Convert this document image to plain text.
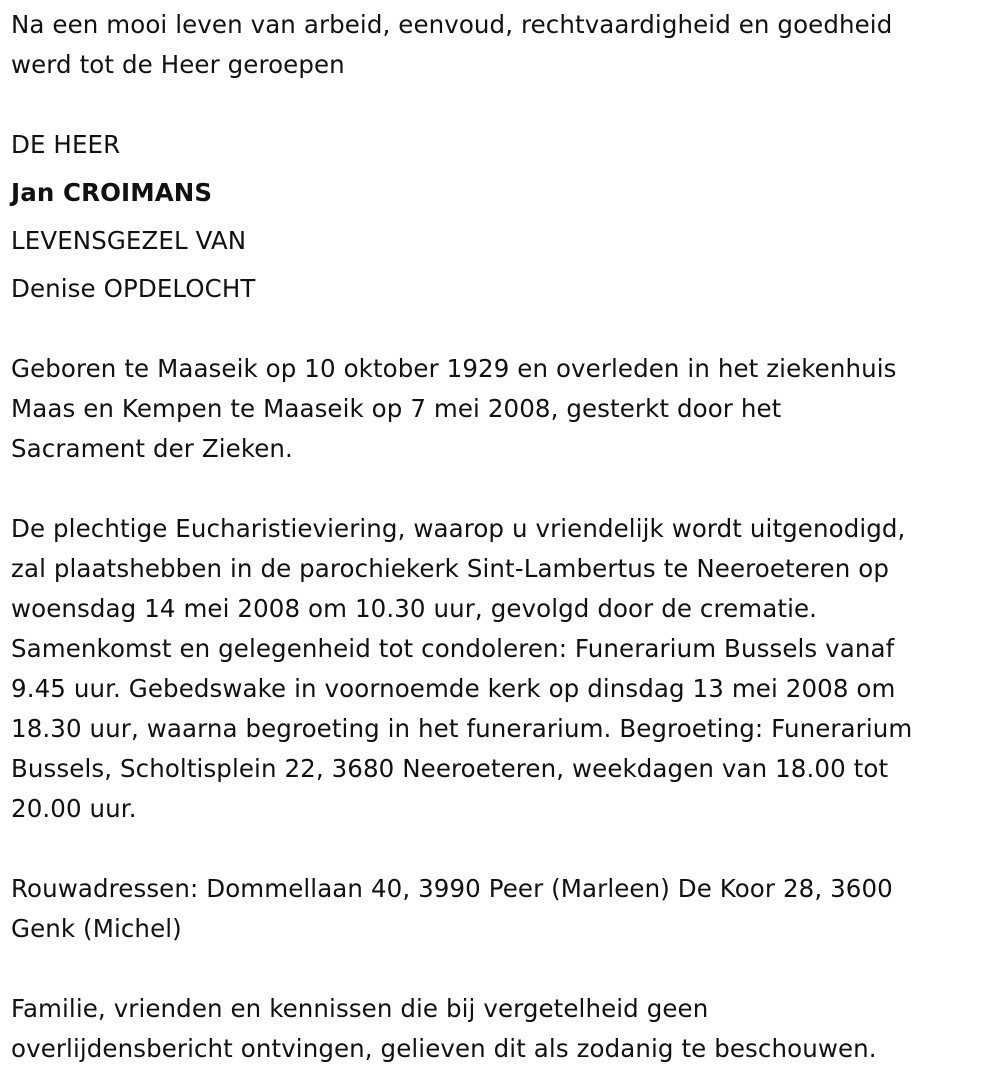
Na een mooi leven van arbeid, eenvoud, rechtvaardigheid en goedheid

werd tot de Heer geroepen

DE HEER

Jan CROIMANS

LEVENSGEZEL VAN

Denise OPDELOCHT

Geboren te Maaseik op 10 oktober 1929 en overleden in het ziekenhuis

Maas en Kempen te Maaseik op 7 mei 2008, gesterkt door het

Sacrament der Zieken.

De plechtige Eucharistieviering, waarop u vriendelijk wordt uitgenodigd,

zal plaatshebben in de parochiekerk Sint-Lambertus te Neeroeteren op

woensdag 14 mei 2008 om 10.30 uur, gevolgd door de crematie.

Samenkomst en gelegenheid tot condoleren: Funerarium Bussels vanaf

9.45 uur. Gebedswake in voornoemde kerk op dinsdag 13 mei 2008 om

18.30 uur, waarna begroeting in het funerarium. Begroeting: Funerarium

Bussels, Scholtisplein 22, 3680 Neeroeteren, weekdagen van 18.00 tot

20.00 uur.

Rouwadressen: Dommellaan 40, 3990 Peer (Marleen) De Koor 28, 3600

Genk (Michel)

Familie, vrienden en kennissen die bij vergetelheid geen

overlijdensbericht ontvingen, gelieven dit als zodanig te beschouwen.
